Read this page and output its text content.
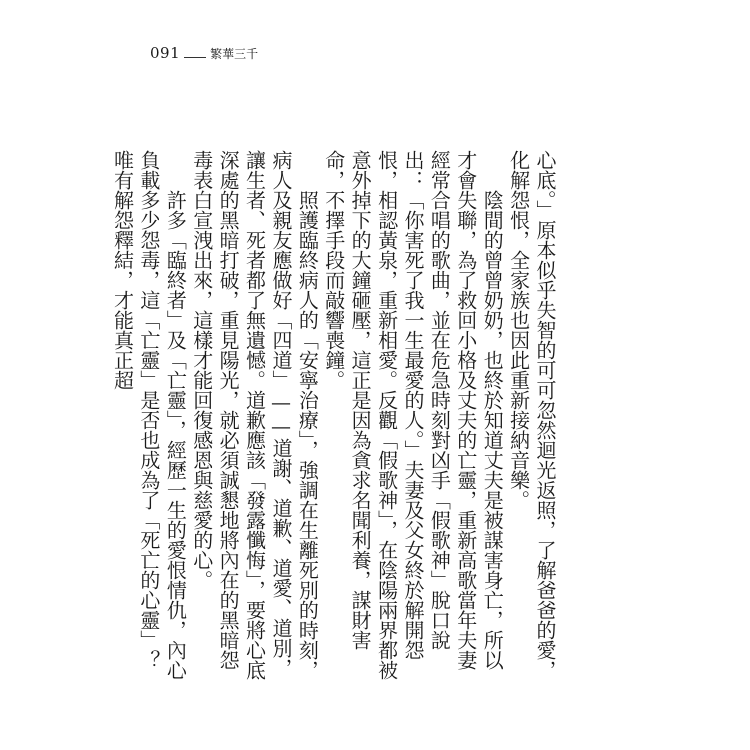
091	繁華三千

心底。」原本似乎失智的可可忽然迴光返照，了解爸爸的愛，化解怨恨，全家族也因此重新接納音樂。

陰間的曾曾奶奶，也終於知道丈夫是被謀害身亡，所以才會失聯，為了救回小格及丈夫的亡靈，重新高歌當年夫妻經常合唱的歌曲，並在危急時刻對凶手「假歌神」脫口說出：「你害死了我一生最愛的人。」夫妻及父女終於解開怨恨，相認黃泉，重新相愛。反觀「假歌神」，在陰陽兩界都被意外掉下的大鐘砸壓，這正是因為貪求名聞利養，謀財害命，不擇手段而敲響喪鐘。

照護臨終病人的「安寧治療」，強調在生離死別的時刻，病人及親友應做好「四道」——道謝、道歉、道愛、道別，讓生者、死者都了無遺憾。道歉應該「發露懺悔」，要將心底深處的黑暗打破，重見陽光，就必須誠懇地將內在的黑暗怨毒表白宣洩出來，這樣才能回復感恩與慈愛的心。

許多「臨終者」及「亡靈」，經歷一生的愛恨情仇，內心負載多少怨毒，這「亡靈」是否也成為了「死亡的心靈」？唯有解怨釋結，才能真正超
